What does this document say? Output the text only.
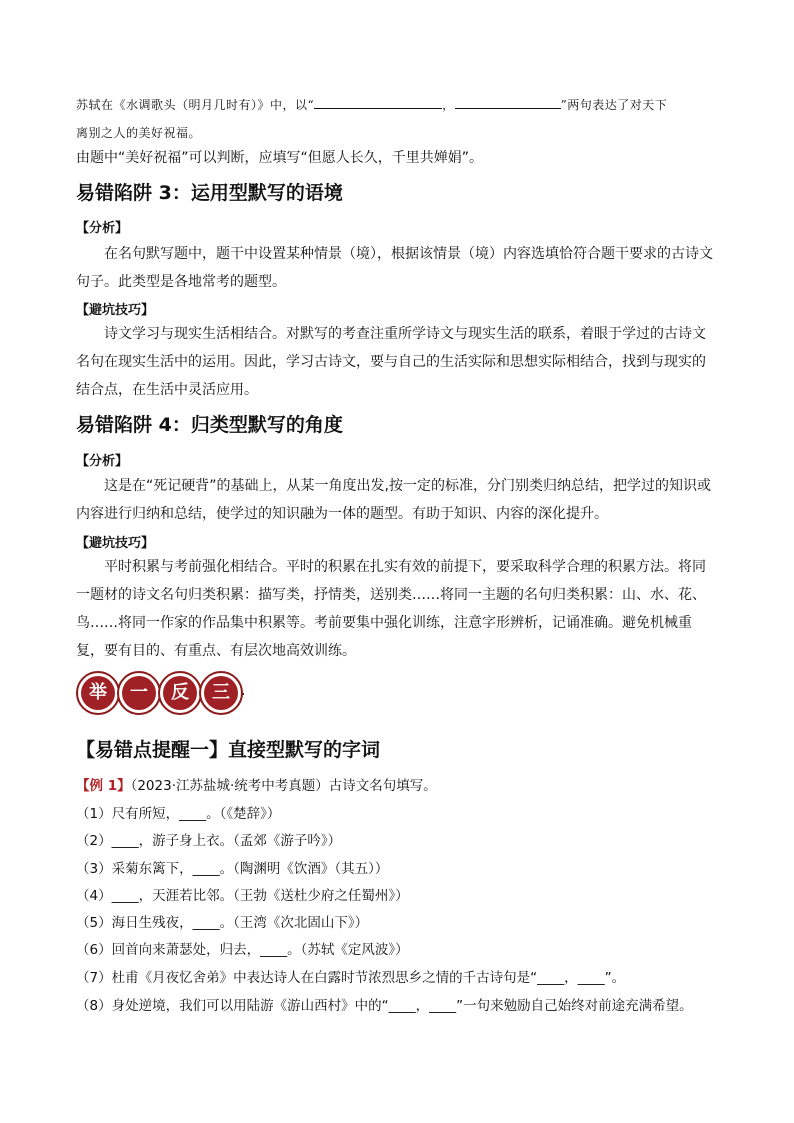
苏轼在《水调歌头（明月几时有）》中，以“	，	”两句表达了对天下
离别之人的美好祝福。
由题中“美好祝福”可以判断，应填写“但愿人长久，千里共婵娟”。
易错陷阱 3：运用型默写的语境
【分析】
在名句默写题中，题干中设置某种情景（境），根据该情景（境）内容选填恰符合题干要求的古诗文句子。此类型是各地常考的题型。
【避坑技巧】
诗文学习与现实生活相结合。对默写的考查注重所学诗文与现实生活的联系，着眼于学过的古诗文名句在现实生活中的运用。因此，学习古诗文，要与自己的生活实际和思想实际相结合，找到与现实的结合点，在生活中灵活应用。
易错陷阱 4：归类型默写的角度
【分析】
这是在“死记硬背”的基础上，从某一角度出发,按一定的标准，分门别类归纳总结，把学过的知识或内容进行归纳和总结，使学过的知识融为一体的题型。有助于知识、内容的深化提升。
【避坑技巧】
平时积累与考前强化相结合。平时的积累在扎实有效的前提下，要采取科学合理的积累方法。将同一题材的诗文名句归类积累：描写类，抒情类，送别类……将同一主题的名句归类积累：山、水、花、鸟……将同一作家的作品集中积累等。考前要集中强化训练，注意字形辨析，记诵准确。避免机械重复，要有目的、有重点、有层次地高效训练。
举	一	反	三
【易错点提醒一】直接型默写的字词
【例 1】（2023·江苏盐城·统考中考真题）古诗文名句填写。
（1）尺有所短，____。（《楚辞》）
（2）____，游子身上衣。（孟郊《游子吟》）
（3）采菊东篱下，____。（陶渊明《饮酒》（其五））
（4）____，天涯若比邻。（王勃《送杜少府之任蜀州》）
（5）海日生残夜，____。（王湾《次北固山下》）
（6）回首向来萧瑟处，归去，____。（苏轼《定风波》）
（7）杜甫《月夜忆舍弟》中表达诗人在白露时节浓烈思乡之情的千古诗句是“____，____”。
（8）身处逆境，我们可以用陆游《游山西村》中的“____，____”一句来勉励自己始终对前途充满希望。
